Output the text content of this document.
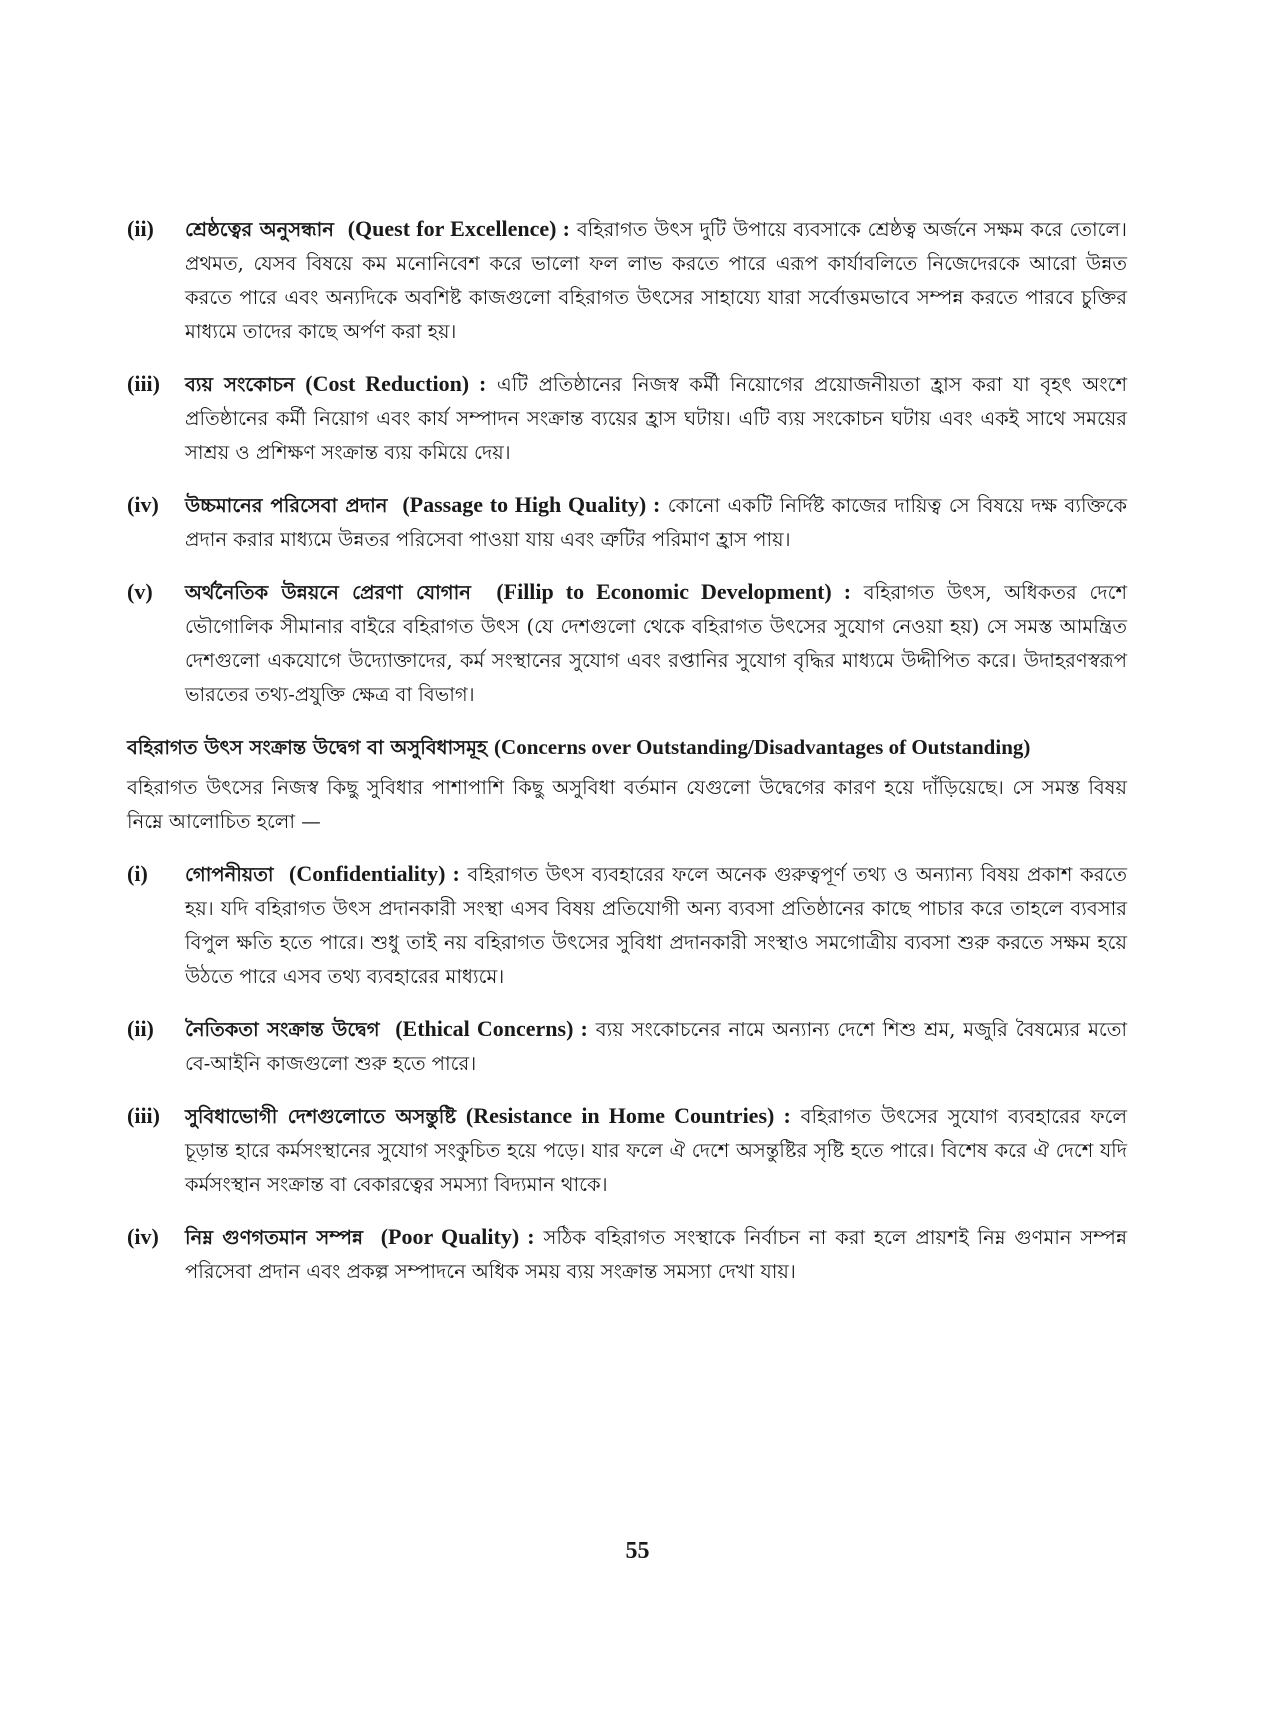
(ii)	শ্রেষ্ঠত্বের অনুসন্ধান (Quest for Excellence) : বহিরাগত উৎস দুটি উপায়ে ব্যবসাকে শ্রেষ্ঠত্ব অর্জনে সক্ষম করে তোলে। প্রথমত, যেসব বিষয়ে কম মনোনিবেশ করে ভালো ফল লাভ করতে পারে এরূপ কার্যাবলিতে নিজেদেরকে আরো উন্নত করতে পারে এবং অন্যদিকে অবশিষ্ট কাজগুলো বহিরাগত উৎসের সাহায্যে যারা সর্বোত্তমভাবে সম্পন্ন করতে পারবে চুক্তির মাধ্যমে তাদের কাছে অর্পণ করা হয়।
(iii)	ব্যয় সংকোচন (Cost Reduction) : এটি প্রতিষ্ঠানের নিজস্ব কর্মী নিয়োগের প্রয়োজনীয়তা হ্রাস করা যা বৃহৎ অংশে প্রতিষ্ঠানের কর্মী নিয়োগ এবং কার্য সম্পাদন সংক্রান্ত ব্যয়ের হ্রাস ঘটায়। এটি ব্যয় সংকোচন ঘটায় এবং একই সাথে সময়ের সাশ্রয় ও প্রশিক্ষণ সংক্রান্ত ব্যয় কমিয়ে দেয়।
(iv)	উচ্চমানের পরিসেবা প্রদান (Passage to High Quality) : কোনো একটি নির্দিষ্ট কাজের দায়িত্ব সে বিষয়ে দক্ষ ব্যক্তিকে প্রদান করার মাধ্যমে উন্নতর পরিসেবা পাওয়া যায় এবং ত্রুটির পরিমাণ হ্রাস পায়।
(v)	অর্থনৈতিক উন্নয়নে প্রেরণা যোগান (Fillip to Economic Development) : বহিরাগত উৎস, অধিকতর দেশে ভৌগোলিক সীমানার বাইরে বহিরাগত উৎস (যে দেশগুলো থেকে বহিরাগত উৎসের সুযোগ নেওয়া হয়) সে সমস্ত আমন্ত্রিত দেশগুলো একযোগে উদ্যোক্তাদের, কর্ম সংস্থানের সুযোগ এবং রপ্তানির সুযোগ বৃদ্ধির মাধ্যমে উদ্দীপিত করে। উদাহরণস্বরূপ ভারতের তথ্য-প্রযুক্তি ক্ষেত্র বা বিভাগ।
বহিরাগত উৎস সংক্রান্ত উদ্বেগ বা অসুবিধাসমূহ (Concerns over Outstanding/Disadvantages of Outstanding)
বহিরাগত উৎসের নিজস্ব কিছু সুবিধার পাশাপাশি কিছু অসুবিধা বর্তমান যেগুলো উদ্বেগের কারণ হয়ে দাঁড়িয়েছে। সে সমস্ত বিষয় নিম্নে আলোচিত হলো —
(i)	গোপনীয়তা (Confidentiality) : বহিরাগত উৎস ব্যবহারের ফলে অনেক গুরুত্বপূর্ণ তথ্য ও অন্যান্য বিষয় প্রকাশ করতে হয়। যদি বহিরাগত উৎস প্রদানকারী সংস্থা এসব বিষয় প্রতিযোগী অন্য ব্যবসা প্রতিষ্ঠানের কাছে পাচার করে তাহলে ব্যবসার বিপুল ক্ষতি হতে পারে। শুধু তাই নয় বহিরাগত উৎসের সুবিধা প্রদানকারী সংস্থাও সমগোত্রীয় ব্যবসা শুরু করতে সক্ষম হয়ে উঠতে পারে এসব তথ্য ব্যবহারের মাধ্যমে।
(ii)	নৈতিকতা সংক্রান্ত উদ্বেগ (Ethical Concerns) : ব্যয় সংকোচনের নামে অন্যান্য দেশে শিশু শ্রম, মজুরি বৈষম্যের মতো বে-আইনি কাজগুলো শুরু হতে পারে।
(iii)	সুবিধাভোগী দেশগুলোতে অসন্তুষ্টি (Resistance in Home Countries) : বহিরাগত উৎসের সুযোগ ব্যবহারের ফলে চূড়ান্ত হারে কর্মসংস্থানের সুযোগ সংকুচিত হয়ে পড়ে। যার ফলে ঐ দেশে অসন্তুষ্টির সৃষ্টি হতে পারে। বিশেষ করে ঐ দেশে যদি কর্মসংস্থান সংক্রান্ত বা বেকারত্বের সমস্যা বিদ্যমান থাকে।
(iv)	নিম্ন গুণগতমান সম্পন্ন (Poor Quality) : সঠিক বহিরাগত সংস্থাকে নির্বাচন না করা হলে প্রায়শই নিম্ন গুণমান সম্পন্ন পরিসেবা প্রদান এবং প্রকল্প সম্পাদনে অধিক সময় ব্যয় সংক্রান্ত সমস্যা দেখা যায়।
55
